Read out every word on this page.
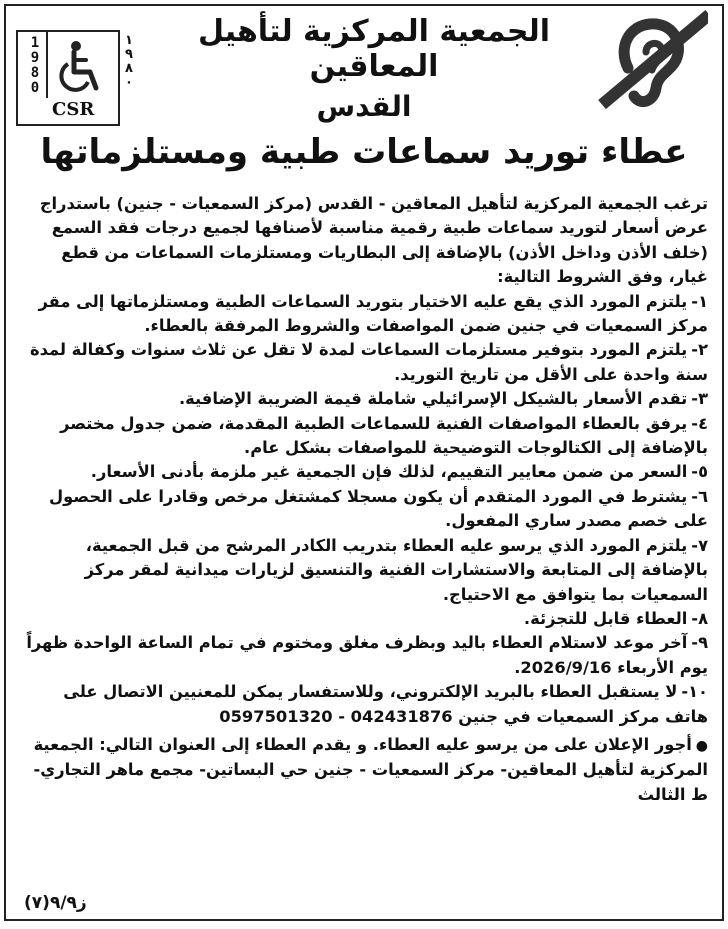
1
9
8
0
CSR
١
٩
٨
٠
الجمعية المركزية لتأهيل المعاقين
القدس
عطاء توريد سماعات طبية ومستلزماتها

ترغب الجمعية المركزية لتأهيل المعاقين - القدس (مركز السمعيات - جنين) باستدراج عرض أسعار لتوريد سماعات طبية رقمية مناسبة لأصنافها لجميع درجات فقد السمع (خلف الأذن وداخل الأذن) بالإضافة إلى البطاريات ومستلزمات السماعات من قطع غيار، وفق الشروط التالية:

١-يلتزم المورد الذي يقع عليه الاختيار بتوريد السماعات الطبية ومستلزماتها إلى مقر مركز السمعيات في جنين ضمن المواصفات والشروط المرفقة بالعطاء.
٢-يلتزم المورد بتوفير مستلزمات السماعات لمدة لا تقل عن ثلاث سنوات وكفالة لمدة سنة واحدة على الأقل من تاريخ التوريد.
٣-تقدم الأسعار بالشيكل الإسرائيلي شاملة قيمة الضريبة الإضافية.
٤-يرفق بالعطاء المواصفات الفنية للسماعات الطبية المقدمة، ضمن جدول مختصر بالإضافة إلى الكتالوجات التوضيحية للمواصفات بشكل عام.
٥-السعر من ضمن معايير التقييم، لذلك فإن الجمعية غير ملزمة بأدنى الأسعار.
٦-يشترط في المورد المتقدم أن يكون مسجلا كمشتغل مرخص وقادرا على الحصول على خصم مصدر ساري المفعول.
٧-يلتزم المورد الذي يرسو عليه العطاء بتدريب الكادر المرشح من قبل الجمعية، بالإضافة إلى المتابعة والاستشارات الفنية والتنسيق لزيارات ميدانية لمقر مركز السمعيات بما يتوافق مع الاحتياج.
٨-العطاء قابل للتجزئة.
٩-آخر موعد لاستلام العطاء باليد وبظرف مغلق ومختوم في تمام الساعة الواحدة ظهراً يوم الأربعاء 2026/9/16.
١٠-لا يستقبل العطاء بالبريد الإلكتروني، وللاستفسار يمكن للمعنيين الاتصال على هاتف مركز السمعيات في جنين 042431876 - 0597501320
●أجور الإعلان على من يرسو عليه العطاء. و يقدم العطاء إلى العنوان التالي: الجمعية المركزية لتأهيل المعاقين- مركز السمعيات - جنين حي البساتين- مجمع ماهر التجاري- ط الثالث
ز٩/٩(٧)
